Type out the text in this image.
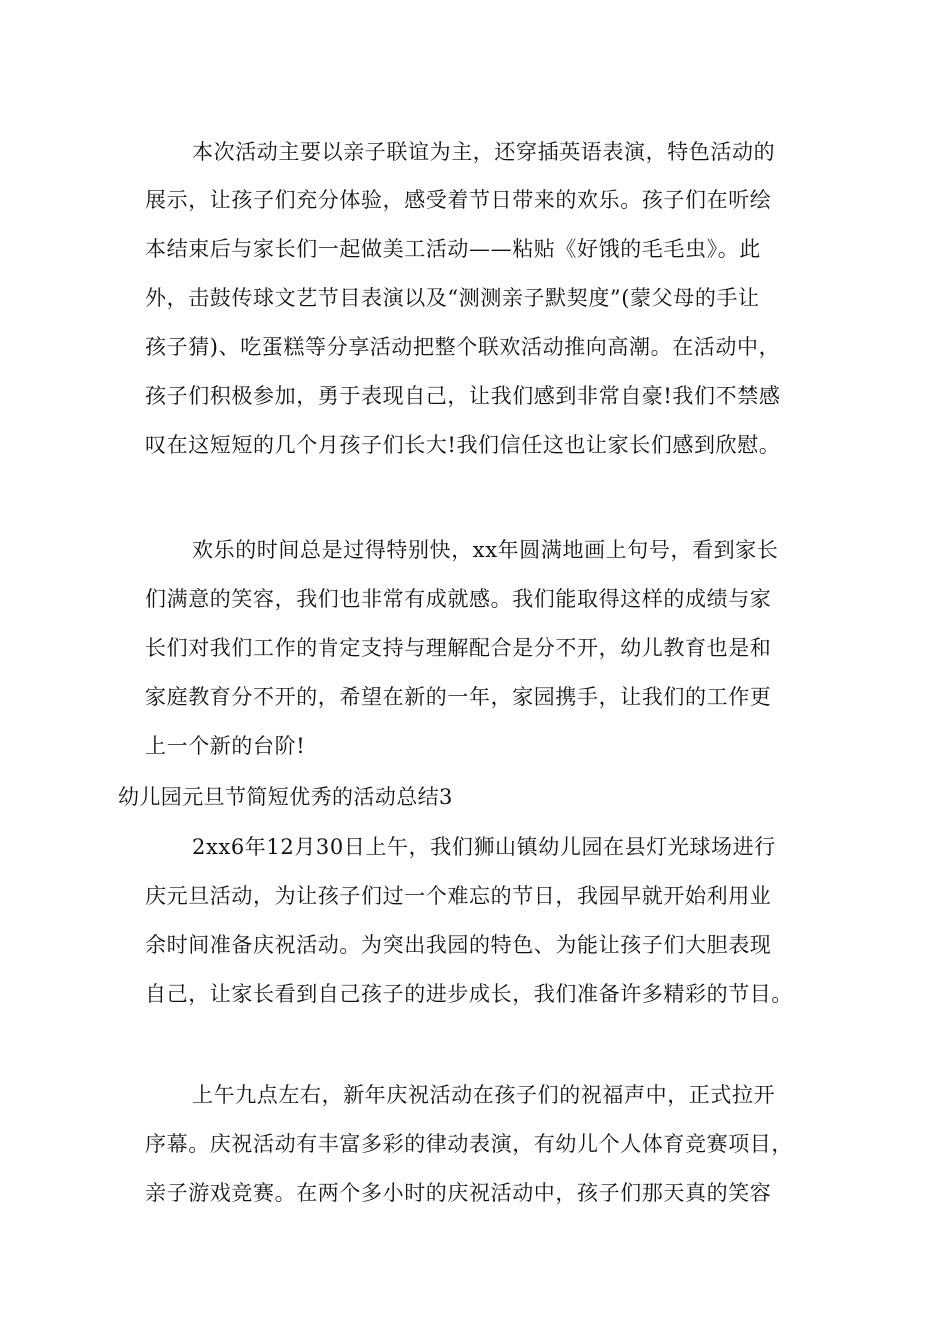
本次活动主要以亲子联谊为主，还穿插英语表演，特色活动的
展示，让孩子们充分体验，感受着节日带来的欢乐。孩子们在听绘
本结束后与家长们一起做美工活动——粘贴《好饿的毛毛虫》。此
外，击鼓传球文艺节目表演以及“测测亲子默契度”(蒙父母的手让
孩子猜)、吃蛋糕等分享活动把整个联欢活动推向高潮。在活动中，
孩子们积极参加，勇于表现自己，让我们感到非常自豪!我们不禁感
叹在这短短的几个月孩子们长大!我们信任这也让家长们感到欣慰。
欢乐的时间总是过得特别快，xx年圆满地画上句号，看到家长
们满意的笑容，我们也非常有成就感。我们能取得这样的成绩与家
长们对我们工作的肯定支持与理解配合是分不开，幼儿教育也是和
家庭教育分不开的，希望在新的一年，家园携手，让我们的工作更
上一个新的台阶!
幼儿园元旦节简短优秀的活动总结3
2xx6年12月30日上午，我们狮山镇幼儿园在县灯光球场进行
庆元旦活动，为让孩子们过一个难忘的节日，我园早就开始利用业
余时间准备庆祝活动。为突出我园的特色、为能让孩子们大胆表现
自己，让家长看到自己孩子的进步成长，我们准备许多精彩的节目。
上午九点左右，新年庆祝活动在孩子们的祝福声中，正式拉开
序幕。庆祝活动有丰富多彩的律动表演，有幼儿个人体育竞赛项目，
亲子游戏竞赛。在两个多小时的庆祝活动中，孩子们那天真的笑容
